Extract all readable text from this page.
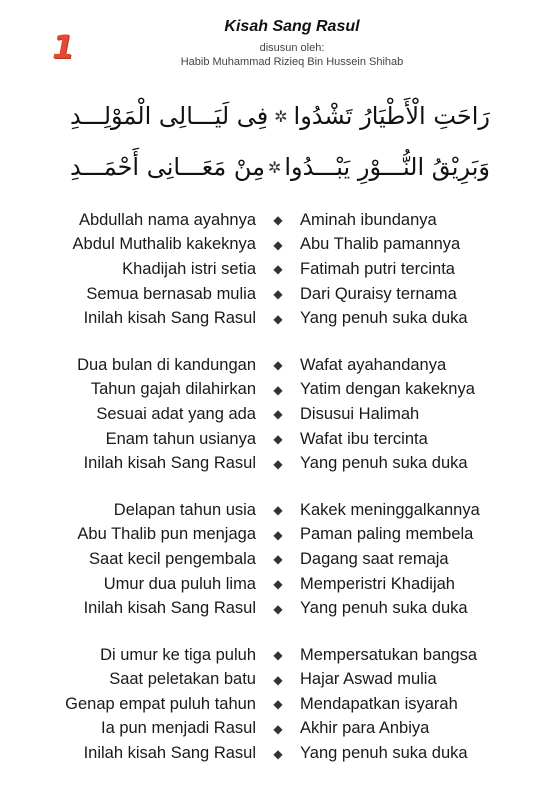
1
Kisah Sang Rasul
disusun oleh:
Habib Muhammad Rizieq Bin Hussein Shihab
رَاحَتِ الْأَطْيَارُ تَشْدُوا
✲
فِى لَيَـــالِى الْمَوْلِـــدِ
وَبَرِيْقُ النُّـــوْرِ يَبْـــدُوا
✲
مِنْ مَعَـــانِى أَحْمَـــدِ
Abdullah nama ayahnya	◆	Aminah ibundanya
Abdul Muthalib kakeknya	◆	Abu Thalib pamannya
Khadijah istri setia	◆	Fatimah putri tercinta
Semua bernasab mulia	◆	Dari Quraisy ternama
Inilah kisah Sang Rasul	◆	Yang penuh suka duka
Dua bulan di kandungan	◆	Wafat ayahandanya
Tahun gajah dilahirkan	◆	Yatim dengan kakeknya
Sesuai adat yang ada	◆	Disusui Halimah
Enam tahun usianya	◆	Wafat ibu tercinta
Inilah kisah Sang Rasul	◆	Yang penuh suka duka
Delapan tahun usia	◆	Kakek meninggalkannya
Abu Thalib pun menjaga	◆	Paman paling membela
Saat kecil pengembala	◆	Dagang saat remaja
Umur dua puluh lima	◆	Memperistri Khadijah
Inilah kisah Sang Rasul	◆	Yang penuh suka duka
Di umur ke tiga puluh	◆	Mempersatukan bangsa
Saat peletakan batu	◆	Hajar Aswad mulia
Genap empat puluh tahun	◆	Mendapatkan isyarah
Ia pun menjadi Rasul	◆	Akhir para Anbiya
Inilah kisah Sang Rasul	◆	Yang penuh suka duka
